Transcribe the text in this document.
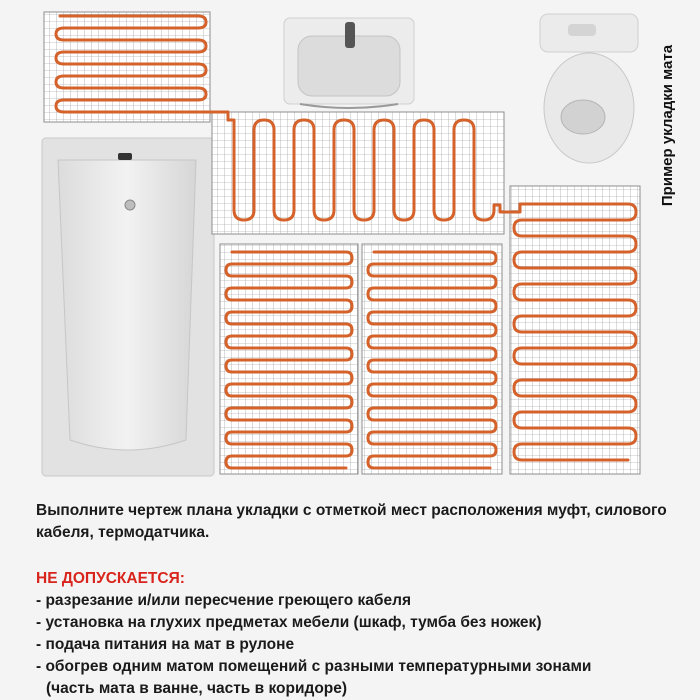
Пример укладки мата
Выполните чертеж плана укладки с отметкой мест расположения муфт, силового кабеля, термодатчика.
НЕ ДОПУСКАЕТСЯ:
- разрезание и/или пересчение греющего кабеля
- установка на глухих предметах мебели (шкаф, тумба без ножек)
- подача питания на мат в рулоне
- обогрев одним матом помещений с разными температурными зонами
(часть мата в ванне, часть в коридоре)
